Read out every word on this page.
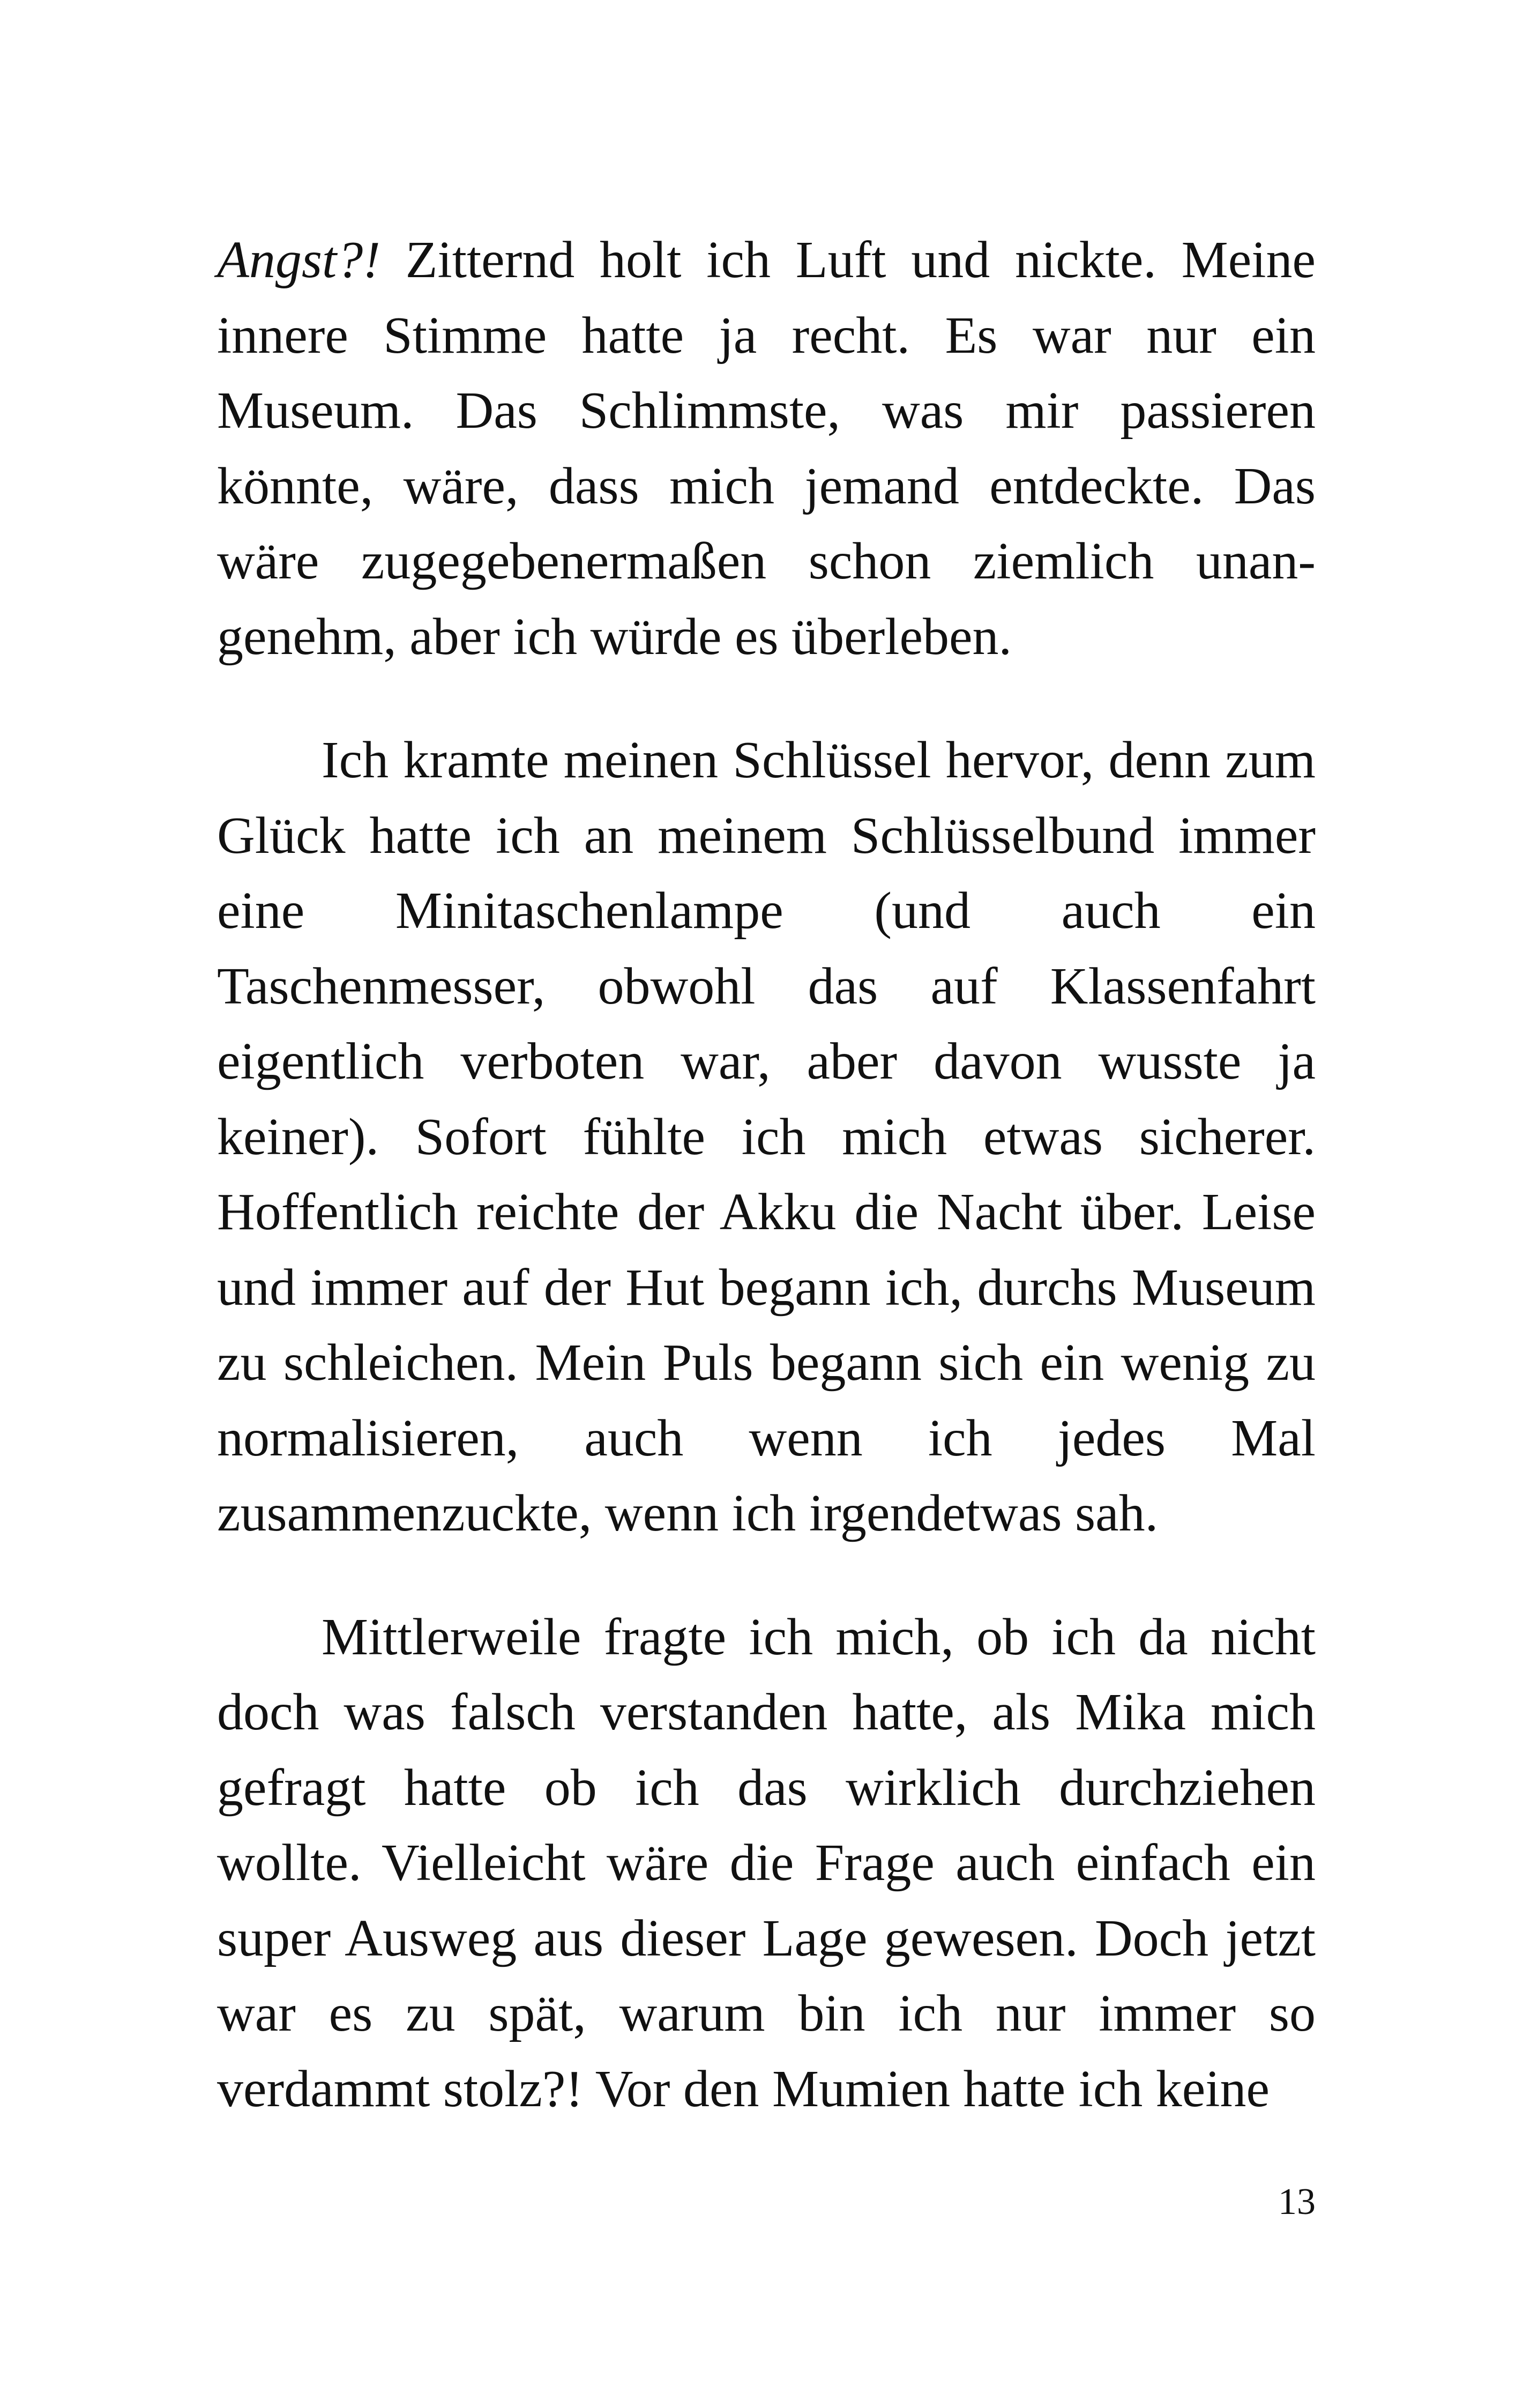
Angst?! Zitternd holt ich Luft und nickte. Meine innere Stimme hatte ja recht. Es war nur ein Museum. Das Schlimmste, was mir passieren könnte, wäre, dass mich jemand entdeckte. Das wäre zugegebenermaßen schon ziemlich unangenehm, aber ich würde es überleben.

Ich kramte meinen Schlüssel hervor, denn zum Glück hatte ich an meinem Schlüsselbund immer eine Minitaschenlampe (und auch ein Taschenmesser, obwohl das auf Klassenfahrt eigentlich verboten war, aber davon wusste ja keiner). Sofort fühlte ich mich etwas sicherer. Hoffentlich reichte der Akku die Nacht über. Leise und immer auf der Hut begann ich, durchs Museum zu schleichen. Mein Puls begann sich ein wenig zu normalisieren, auch wenn ich jedes Mal zusammenzuckte, wenn ich irgendetwas sah.

Mittlerweile fragte ich mich, ob ich da nicht doch was falsch verstanden hatte, als Mika mich gefragt hatte ob ich das wirklich durchziehen wollte. Vielleicht wäre die Frage auch einfach ein super Ausweg aus dieser Lage gewesen. Doch jetzt war es zu spät, warum bin ich nur immer so verdammt stolz?! Vor den Mumien hatte ich keine

13
